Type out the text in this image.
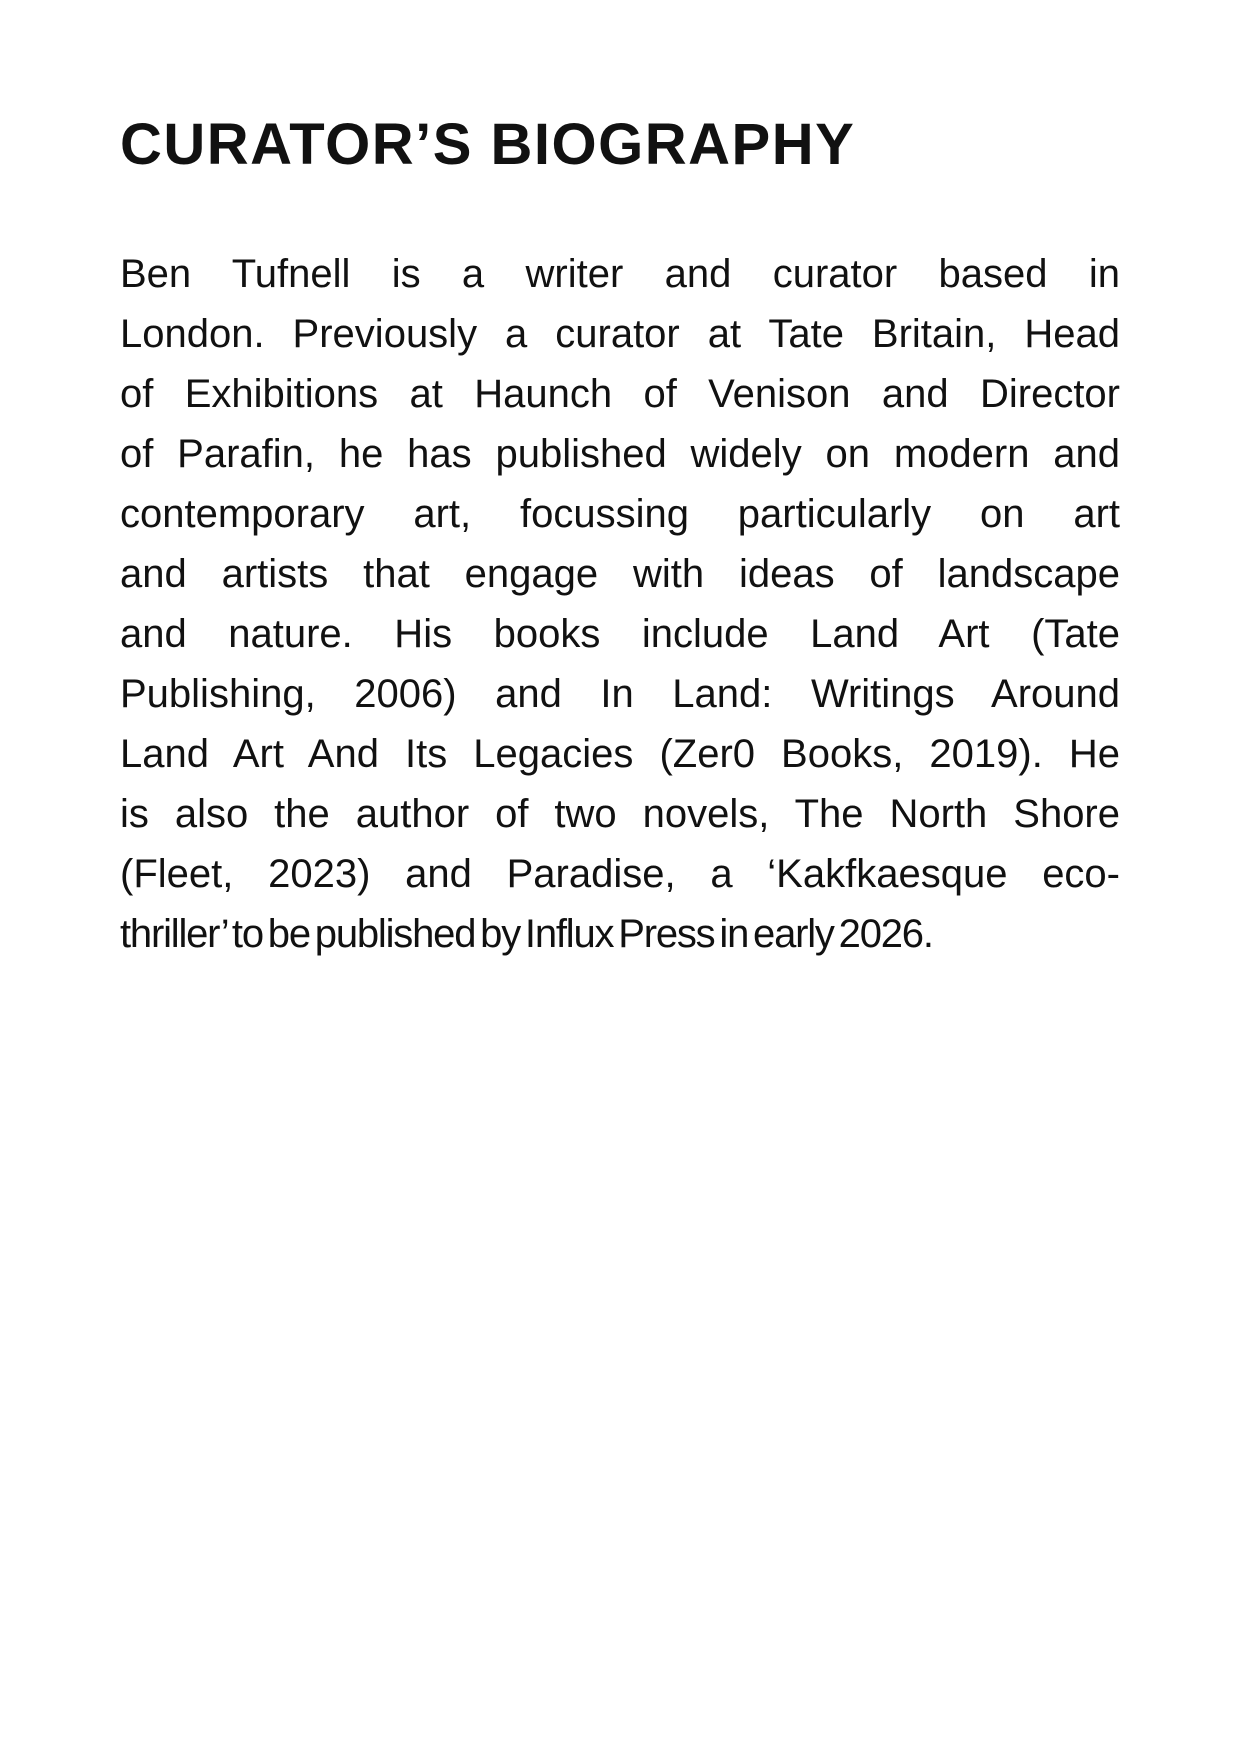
CURATOR’S BIOGRAPHY
Ben Tufnell is a writer and curator based in
London. Previously a curator at Tate Britain, Head
of Exhibitions at Haunch of Venison and Director
of Parafin, he has published widely on modern and
contemporary art, focussing particularly on art
and artists that engage with ideas of landscape
and nature. His books include Land Art (Tate
Publishing, 2006) and In Land: Writings Around
Land Art And Its Legacies (Zer0 Books, 2019). He
is also the author of two novels, The North Shore
(Fleet, 2023) and Paradise, a ‘Kakfkaesque eco-
thriller’ to be published by Influx Press in early 2026.
